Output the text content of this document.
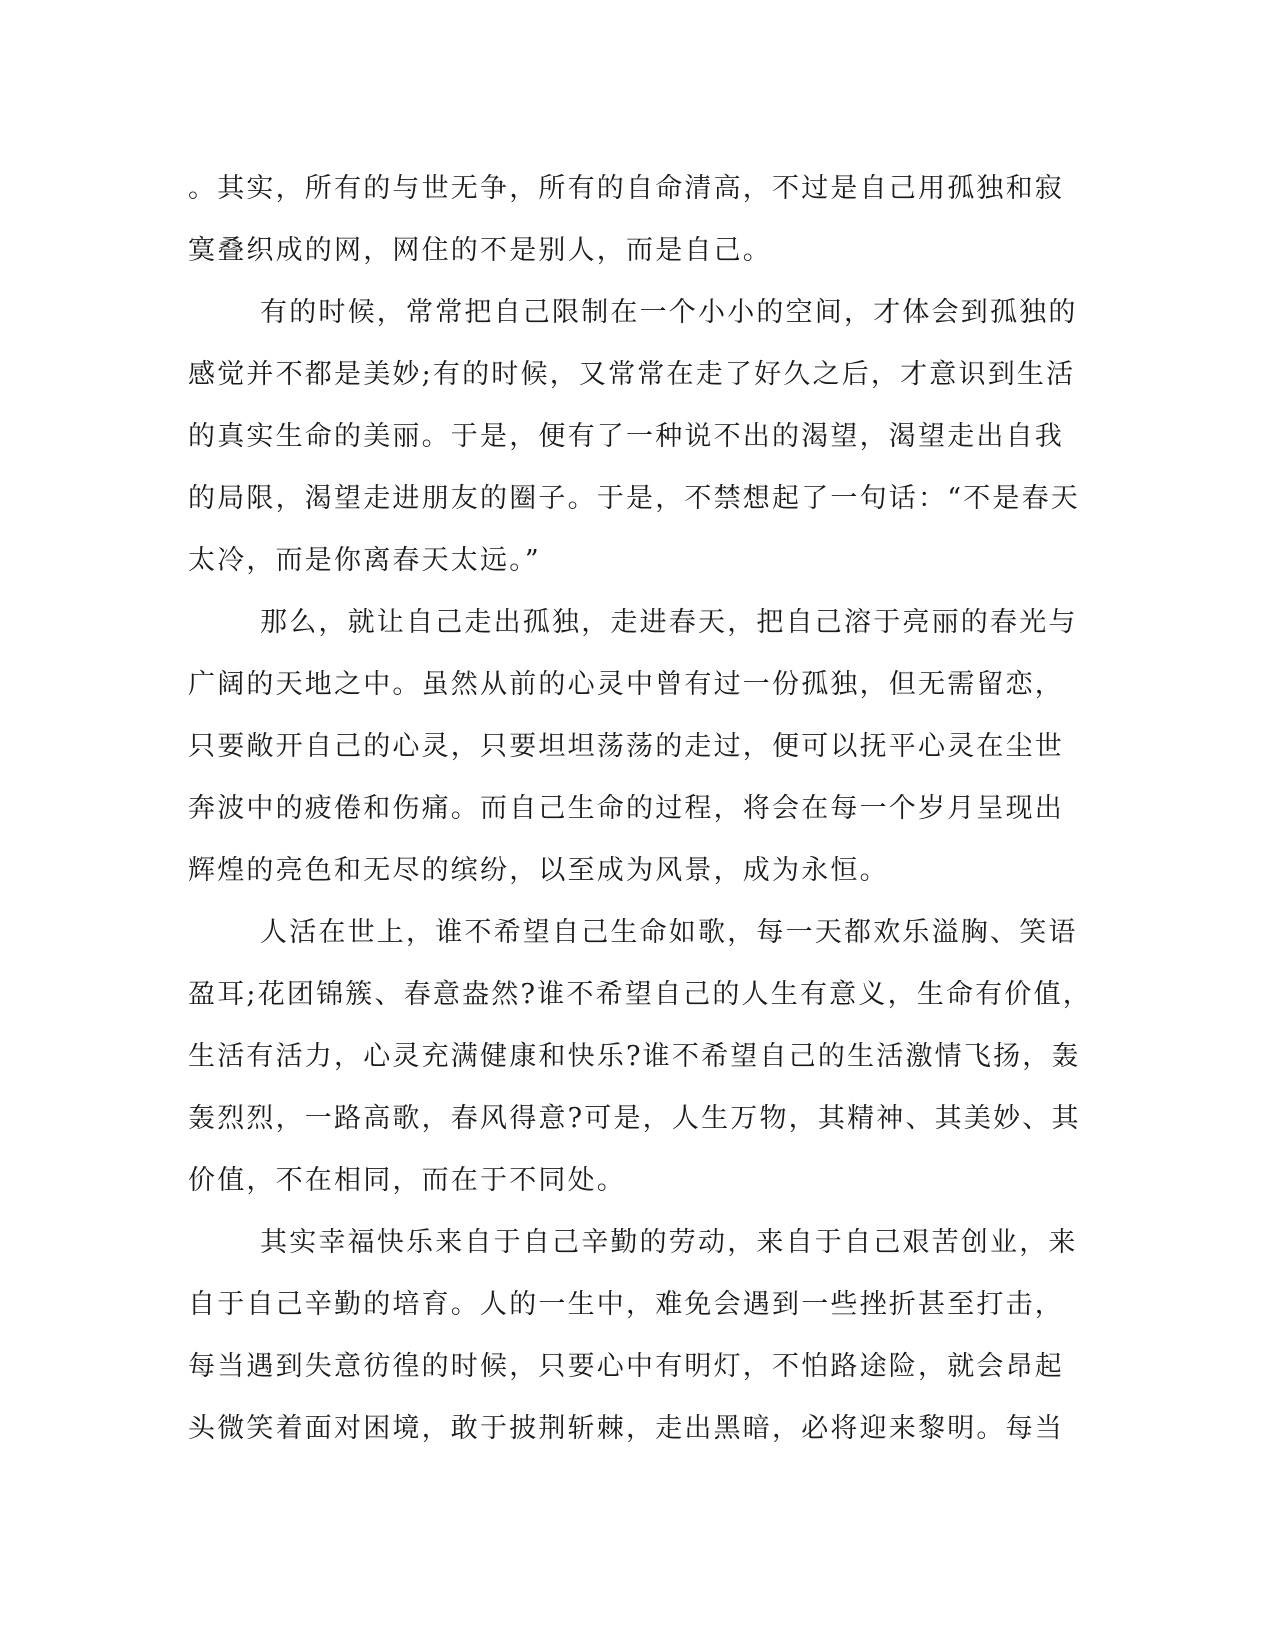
。其实，所有的与世无争，所有的自命清高，不过是自己用孤独和寂
寞叠织成的网，网住的不是别人，而是自己。
有的时候，常常把自己限制在一个小小的空间，才体会到孤独的
感觉并不都是美妙;有的时候，又常常在走了好久之后，才意识到生活
的真实生命的美丽。于是，便有了一种说不出的渴望，渴望走出自我
的局限，渴望走进朋友的圈子。于是，不禁想起了一句话：“不是春天
太冷，而是你离春天太远。”
那么，就让自己走出孤独，走进春天，把自己溶于亮丽的春光与
广阔的天地之中。虽然从前的心灵中曾有过一份孤独，但无需留恋，
只要敞开自己的心灵，只要坦坦荡荡的走过，便可以抚平心灵在尘世
奔波中的疲倦和伤痛。而自己生命的过程，将会在每一个岁月呈现出
辉煌的亮色和无尽的缤纷，以至成为风景，成为永恒。
人活在世上，谁不希望自己生命如歌，每一天都欢乐溢胸、笑语
盈耳;花团锦簇、春意盎然?谁不希望自己的人生有意义，生命有价值，
生活有活力，心灵充满健康和快乐?谁不希望自己的生活激情飞扬，轰
轰烈烈，一路高歌，春风得意?可是，人生万物，其精神、其美妙、其
价值，不在相同，而在于不同处。
其实幸福快乐来自于自己辛勤的劳动，来自于自己艰苦创业，来
自于自己辛勤的培育。人的一生中，难免会遇到一些挫折甚至打击，
每当遇到失意彷徨的时候，只要心中有明灯，不怕路途险，就会昂起
头微笑着面对困境，敢于披荆斩棘，走出黑暗，必将迎来黎明。每当
